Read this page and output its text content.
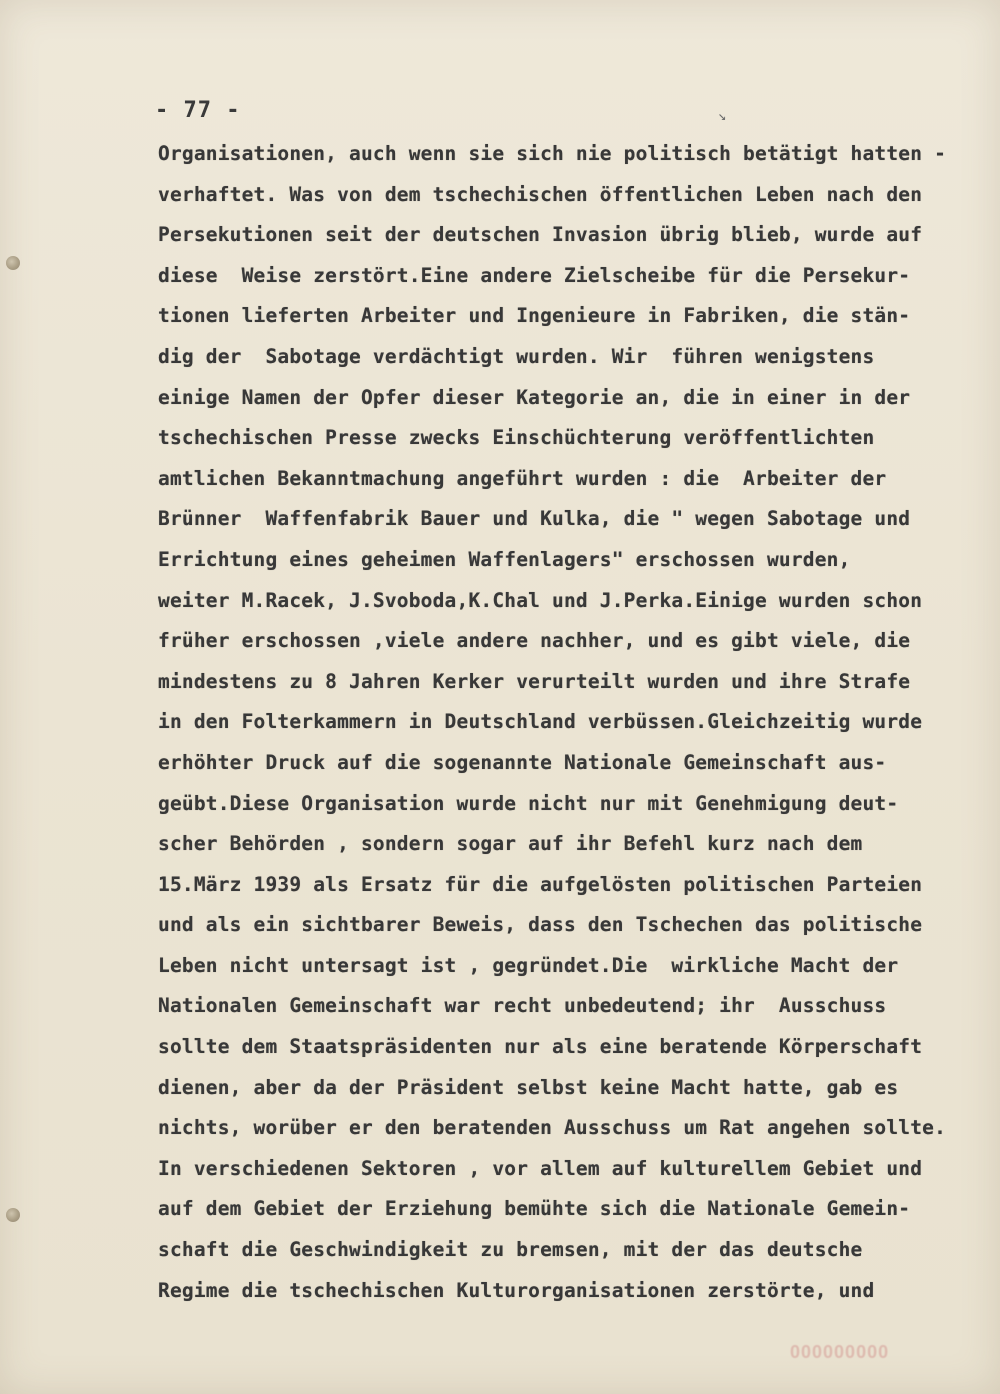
↘
- 77 -
Organisationen, auch wenn sie sich nie politisch betätigt hatten -
verhaftet. Was von dem tschechischen öffentlichen Leben nach den
Persekutionen seit der deutschen Invasion übrig blieb, wurde auf
diese  Weise zerstört.Eine andere Zielscheibe für die Persekur-
tionen lieferten Arbeiter und Ingenieure in Fabriken, die stän-
dig der  Sabotage verdächtigt wurden. Wir  führen wenigstens
einige Namen der Opfer dieser Kategorie an, die in einer in der
tschechischen Presse zwecks Einschüchterung veröffentlichten
amtlichen Bekanntmachung angeführt wurden : die  Arbeiter der
Brünner  Waffenfabrik Bauer und Kulka, die " wegen Sabotage und
Errichtung eines geheimen Waffenlagers" erschossen wurden,
weiter M.Racek, J.Svoboda,K.Chal und J.Perka.Einige wurden schon
früher erschossen ,viele andere nachher, und es gibt viele, die
mindestens zu 8 Jahren Kerker verurteilt wurden und ihre Strafe
in den Folterkammern in Deutschland verbüssen.Gleichzeitig wurde
erhöhter Druck auf die sogenannte Nationale Gemeinschaft aus-
geübt.Diese Organisation wurde nicht nur mit Genehmigung deut-
scher Behörden , sondern sogar auf ihr Befehl kurz nach dem
15.März 1939 als Ersatz für die aufgelösten politischen Parteien
und als ein sichtbarer Beweis, dass den Tschechen das politische
Leben nicht untersagt ist , gegründet.Die  wirkliche Macht der
Nationalen Gemeinschaft war recht unbedeutend; ihr  Ausschuss
sollte dem Staatspräsidenten nur als eine beratende Körperschaft
dienen, aber da der Präsident selbst keine Macht hatte, gab es
nichts, worüber er den beratenden Ausschuss um Rat angehen sollte.
In verschiedenen Sektoren , vor allem auf kulturellem Gebiet und
auf dem Gebiet der Erziehung bemühte sich die Nationale Gemein-
schaft die Geschwindigkeit zu bremsen, mit der das deutsche
Regime die tschechischen Kulturorganisationen zerstörte, und
000000000
